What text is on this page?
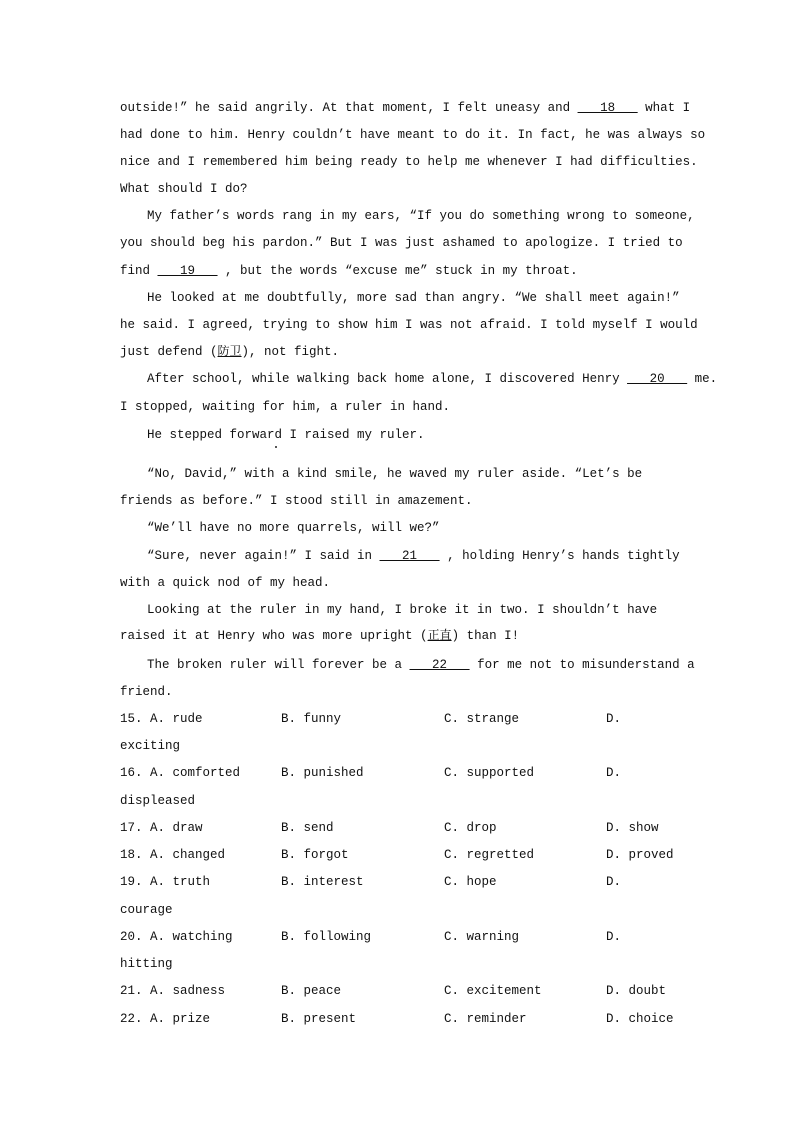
outside!” he said angrily. At that moment, I felt uneasy and ___18___ what I
had done to him. Henry couldn’t have meant to do it. In fact, he was always so
nice and I remembered him being ready to help me whenever I had difficulties.
What should I do?
My father’s words rang in my ears, “If you do something wrong to someone,
you should beg his pardon.” But I was just ashamed to apologize. I tried to
find ___19___ , but the words “excuse me” stuck in my throat.
He looked at me doubtfully, more sad than angry. “We shall meet again!”
he said. I agreed, trying to show him I was not afraid. I told myself I would
just defend (防卫), not fight.
After school, while walking back home alone, I discovered Henry ___20___ me.
I stopped, waiting for him, a ruler in hand.
He stepped forward I raised my ruler.
“No, David,” with a kind smile, he waved my ruler aside. “Let’s be
friends as before.” I stood still in amazement.
“We’ll have no more quarrels, will we?”
“Sure, never again!” I said in ___21___ , holding Henry’s hands tightly
with a quick nod of my head.
Looking at the ruler in my hand, I broke it in two. I shouldn’t have
raised it at Henry who was more upright (正直) than I!
The broken ruler will forever be a ___22___ for me not to misunderstand a
friend.
15. A. rude	B. funny	C. strange	D.
exciting
16. A. comforted	B. punished	C. supported	D.
displeased
17. A. draw	B. send	C. drop	D. show
18. A. changed	B. forgot	C. regretted	D. proved
19. A. truth	B. interest	C. hope	D.
courage
20. A. watching	B. following	C. warning	D.
hitting
21. A. sadness	B. peace	C. excitement	D. doubt
22. A. prize	B. present	C. reminder	D. choice
